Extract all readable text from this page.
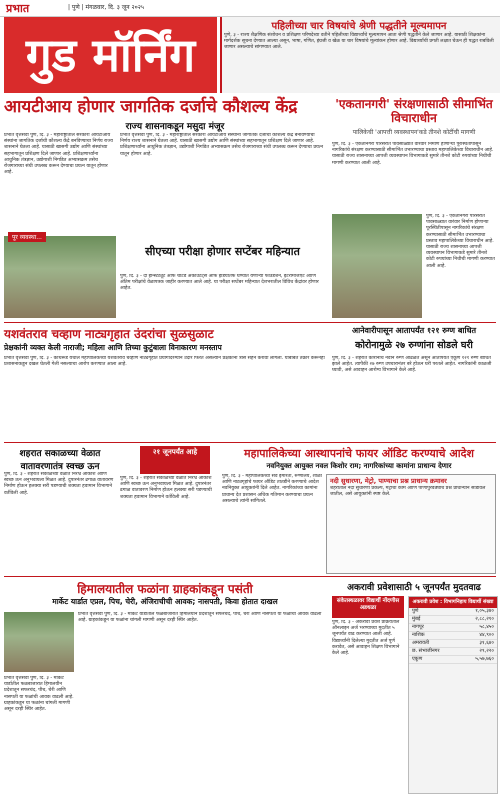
प्रभात	| पुणे | मंगळवार, दि. ३ जून २०२५
गुड मॉर्निंग
पहिलीच्या चार विषयांचे श्रेणी पद्धतीने मूल्यमापन
पुणे, ३ - राज्य शैक्षणिक संशोधन व प्रशिक्षण परिषदेच्या वतीने पहिलीच्या विद्यार्थ्यांचे मूल्यमापन आता श्रेणी पद्धतीने केले जाणार आहे. यासाठी शिक्षकांना मार्गदर्शक सूचना देण्यात आल्या असून, भाषा, गणित, इंग्रजी व खेळ या चार विषयांचे मूल्यांकन होणार आहे. विद्यार्थ्यांची प्रगती लक्षात घेऊन ही पद्धत राबविली जाणार असल्याचे सांगण्यात आले.
आयटीआय होणार जागतिक दर्जाचे कौशल्य केंद्र
राज्य शासनाकडून मसुदा मंजूर
प्रभात वृत्तसेवा पुणे, दि. ३ - महाराष्ट्रातील सरकारी आयटीआय संस्थांना जागतिक दर्जाची कौशल्य केंद्रे बनविण्याचा निर्णय राज्य शासनाने घेतला आहे. यासाठी खासगी उद्योग आणि संस्थांच्या सहभागातून प्रशिक्षण दिले जाणार आहे. प्रशिक्षणार्थ्यांना आधुनिक तंत्रज्ञान, उद्योगाशी निगडित अभ्यासक्रम तसेच रोजगाराच्या संधी उपलब्ध करून देण्याचा प्रयत्न यातून होणार आहे.
पूर व्यवस्था...
प्रभात वृत्तसेवा पुणे, दि. ३ - महाराष्ट्रातील सरकारी आयटीआय संस्थांना जागतिक दर्जाची कौशल्य केंद्रे बनविण्याचा निर्णय राज्य शासनाने घेतला आहे. यासाठी खासगी उद्योग आणि संस्थांच्या सहभागातून प्रशिक्षण दिले जाणार आहे. प्रशिक्षणार्थ्यांना आधुनिक तंत्रज्ञान, उद्योगाशी निगडित अभ्यासक्रम तसेच रोजगाराच्या संधी उपलब्ध करून देण्याचा प्रयत्न यातून होणार आहे.
'एकतानगरी' संरक्षणासाठी सीमाभिंत विचाराधीन
पालिकेची 'आपत्ती व्यवस्थापन'कडे तीनशे कोटींची मागणी
पुणे, दि. ३ - एकतानगरी परिसरात पावसाळ्यात वारंवार निर्माण होणाऱ्या पूरस्थितीपासून नागरिकांचे संरक्षण करण्यासाठी सीमाभिंत उभारण्याचा प्रस्ताव महापालिकेच्या विचाराधीन आहे. यासाठी राज्य शासनाच्या आपत्ती व्यवस्थापन विभागाकडे सुमारे तीनशे कोटी रुपयांच्या निधीची मागणी करण्यात आली आहे.
पुणे, दि. ३ - एकतानगरी परिसरात पावसाळ्यात वारंवार निर्माण होणाऱ्या पूरस्थितीपासून नागरिकांचे संरक्षण करण्यासाठी सीमाभिंत उभारण्याचा प्रस्ताव महापालिकेच्या विचाराधीन आहे. यासाठी राज्य शासनाच्या आपत्ती व्यवस्थापन विभागाकडे सुमारे तीनशे कोटी रुपयांच्या निधीची मागणी करण्यात आली आहे.
सीएच्या परीक्षा होणार सप्टेंबर महिन्यात
पुणे, दि. ३ - दी इन्स्टिट्यूट ऑफ चार्टर्ड अकाउंटंट्स ऑफ इंडियातर्फे घेण्यात येणाऱ्या फाउंडेशन, इंटरमिजिएट आणि अंतिम परीक्षांचे वेळापत्रक जाहीर करण्यात आले आहे. या परीक्षा सप्टेंबर महिन्यात देशभरातील विविध केंद्रांवर होणार आहेत.
यशवंतराव चव्हाण नाट्यगृहात उंदरांचा सुळसुळाट
प्रेक्षकांनी व्यक्त केली नाराजी; महिला आणि तिच्या कुटुंबाला विनाकारण मनस्ताप
प्रभात वृत्तसेवा पुणे, दि. ३ - कोथरूड येथील महापालिकेच्या यशवंतराव चव्हाण नाट्यगृहात प्रयोगादरम्यान उंदीर फिरत असल्याने प्रेक्षकांना त्रास सहन करावा लागला. याबाबत तक्रार करूनही प्रशासनाकडून दखल घेतली गेली नसल्याचा आरोप करण्यात आला आहे.
आनेवारीपासून आतापर्यंत १२१ रुग्ण बाधित
कोरोनामुळे २७ रुग्णांना सोडले घरी
पुणे, दि. ३ - शहरात कोरोनाचे नवीन रुग्ण आढळत असून आतापर्यंत एकूण १२१ रुग्ण बाधित झाले आहेत. त्यापैकी २७ रुग्ण उपचारानंतर बरे होऊन घरी परतले आहेत. नागरिकांनी काळजी घ्यावी, असे आवाहन आरोग्य विभागाने केले आहे.
शहरात सकाळच्या वेळात वातावरणातंत्र स्वच्छ ऊन
पुणे, दि. ३ - शहरात सकाळच्या वेळात निरभ्र आकाश आणि स्वच्छ ऊन अनुभवायला मिळत आहे. दुपारनंतर ढगाळ वातावरण निर्माण होऊन हलक्या सरी पडण्याची शक्यता हवामान विभागाने वर्तविली आहे.
२१ जूनपर्यंत आहे
पुणे, दि. ३ - शहरात सकाळच्या वेळात निरभ्र आकाश आणि स्वच्छ ऊन अनुभवायला मिळत आहे. दुपारनंतर ढगाळ वातावरण निर्माण होऊन हलक्या सरी पडण्याची शक्यता हवामान विभागाने वर्तविली आहे.
महापालिकेच्या आस्थापनांचे फायर ऑडिट करण्याचे आदेश
नवनियुक्त आयुक्त नवल किशोर राम; नागरिकांच्या कामांना प्राधान्य देणार
पुणे, दि. ३ - महापालिकेच्या सर्व इमारती, रुग्णालये, शाळा आणि नाट्यगृहांचे फायर ऑडिट तातडीने करण्याचे आदेश नवनियुक्त आयुक्तांनी दिले आहेत. नागरिकांच्या कामांना प्राधान्य देत प्रशासन अधिक गतिमान करण्याचा प्रयत्न असल्याचे त्यांनी सांगितले.
नदी सुधारणा, मेट्रो, पाण्याचा प्रश्न प्राधान्य क्रमावर
शहरातील नदी सुधारणा प्रकल्प, मेट्रोची कामे आणि पाणीपुरवठ्याचे प्रश्न प्राधान्याने सोडविले जातील, असे आयुक्तांनी स्पष्ट केले.
हिमालयातील फळांना ग्राहकांकडून पसंती
मार्केट यार्डात एप्रल, पिच, चेरी, अंजिराचीची आवक; नासपती, किवा होतात दाखल
प्रभात वृत्तसेवा पुणे, दि. ३ - मार्केट यार्डातील फळबाजारात हिमालयीन प्रदेशातून सफरचंद, पीच, चेरी आणि नासपती या फळांची आवक वाढली आहे. ग्राहकांकडून या फळांना चांगली मागणी असून दरही स्थिर आहेत.
प्रभात वृत्तसेवा पुणे, दि. ३ - मार्केट यार्डातील फळबाजारात हिमालयीन प्रदेशातून सफरचंद, पीच, चेरी आणि नासपती या फळांची आवक वाढली आहे. ग्राहकांकडून या फळांना चांगली मागणी असून दरही स्थिर आहेत.
अकरावी प्रवेशासाठी ५ जूनपर्यंत मुदतवाढ
संकेतस्थळावर विद्यार्थी नोंदणीस अडथळा
पुणे, दि. ३ - अकरावी प्रवेश प्रक्रियेतील ऑनलाइन अर्ज भरण्याच्या मुदतीत ५ जूनपर्यंत वाढ करण्यात आली आहे. विद्यार्थ्यांनी दिलेल्या मुदतीत अर्ज पूर्ण करावेत, असे आवाहन शिक्षण विभागाने केले आहे.
अकरावी प्रवेश : विभागनिहाय विद्यार्थी संख्या
पुणे	१,०५,३४०
मुंबई	२,८८,२१०
नागपूर	५८,४५०
नाशिक	४४,९००
अमरावती	३१,६४०
छ. संभाजीनगर	२९,२२०
एकूण	५,५७,७६०
